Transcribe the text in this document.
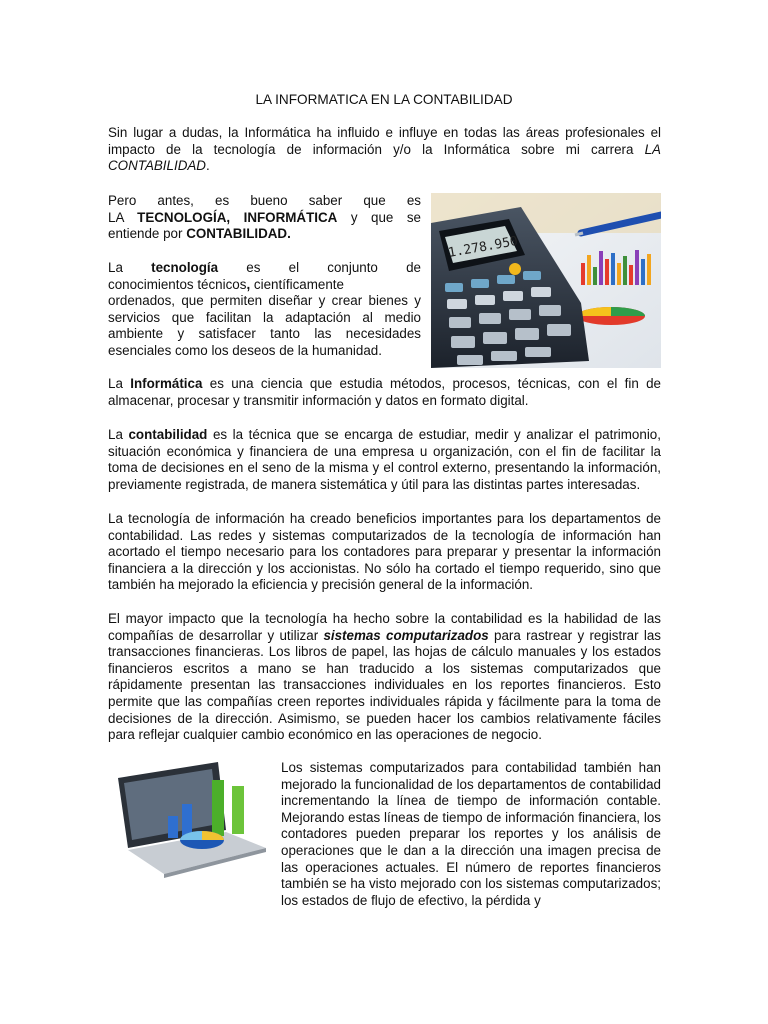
LA INFORMATICA EN LA CONTABILIDAD

Sin lugar a dudas, la Informática ha influido e influye en todas las áreas profesionales el impacto de la tecnología de información y/o la Informática sobre mi carrera LA CONTABILIDAD.

Pero antes, es bueno saber que es
LA TECNOLOGÍA, INFORMÁTICA y que se
entiende por CONTABILIDAD.
La tecnología es el conjunto de
conocimientos técnicos, científicamente
ordenados, que permiten diseñar y crear bienes y servicios que facilitan la adaptación al medio ambiente y satisfacer tanto las necesidades esenciales como los deseos de la humanidad.
1.278.950

La Informática es una ciencia que estudia métodos, procesos, técnicas, con el fin de almacenar, procesar y transmitir información y datos en formato digital.

La contabilidad es la técnica que se encarga de estudiar, medir y analizar el patrimonio, situación económica y financiera de una empresa u organización, con el fin de facilitar la toma de decisiones en el seno de la misma y el control externo, presentando la información, previamente registrada, de manera sistemática y útil para las distintas partes interesadas.

La tecnología de información ha creado beneficios importantes para los departamentos de contabilidad. Las redes y sistemas computarizados de la tecnología de información han acortado el tiempo necesario para los contadores para preparar y presentar la información financiera a la dirección y los accionistas. No sólo ha cortado el tiempo requerido, sino que también ha mejorado la eficiencia y precisión general de la información.

El mayor impacto que la tecnología ha hecho sobre la contabilidad es la habilidad de las compañías de desarrollar y utilizar sistemas computarizados para rastrear y registrar las transacciones financieras. Los libros de papel, las hojas de cálculo manuales y los estados financieros escritos a mano se han traducido a los sistemas computarizados que rápidamente presentan las transacciones individuales en los reportes financieros. Esto permite que las compañías creen reportes individuales rápida y fácilmente para la toma de decisiones de la dirección. Asimismo, se pueden hacer los cambios relativamente fáciles para reflejar cualquier cambio económico en las operaciones de negocio.

Los sistemas computarizados para contabilidad también han mejorado la funcionalidad de los departamentos de contabilidad incrementando la línea de tiempo de información contable. Mejorando estas líneas de tiempo de información financiera, los contadores pueden preparar los reportes y los análisis de operaciones que le dan a la dirección una imagen precisa de las operaciones actuales. El número de reportes financieros también se ha visto mejorado con los sistemas computarizados; los estados de flujo de efectivo, la pérdida y
